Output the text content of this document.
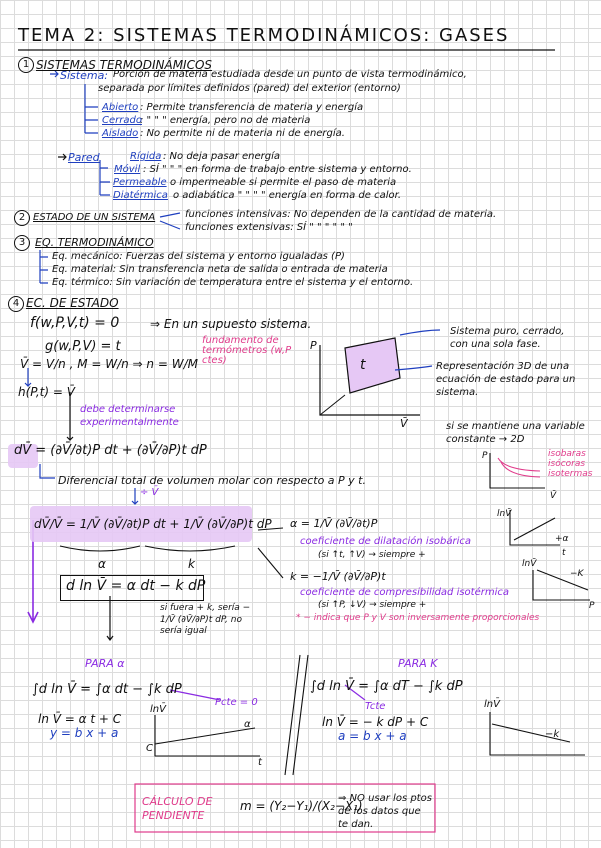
TEMA 2: SISTEMAS TERMODINÁMICOS: GASES
1 SISTEMAS TERMODINÁMICOS
Sistema: Porción de materia estudiada desde un punto de vista termodinámico,
separada por límites definidos (pared) del exterior (entorno)
Abierto : Permite transferencia de materia y energía
Cerrado
: " " " energía, pero no de materia
Aislado : No permite ni de materia ni de energía.
Pared	Rígida : No deja pasar energía
Móvil : SÍ " " " en forma de trabajo entre sistema y entorno.
Permeable o impermeable si permite el paso de materia
Diatérmica o adiabática " " " " energía en forma de calor.
2 ESTADO DE UN SISTEMA	funciones intensivas: No dependen de la cantidad de materia.
funciones extensivas: SÍ " " " " " "
3 EQ. TERMODINÁMICO
Eq. mecánico: Fuerzas del sistema y entorno igualadas (P)
Eq. material: Sin transferencia neta de salida o entrada de materia
Eq. térmico: Sin variación de temperatura entre el sistema y el entorno.
4 EC. DE ESTADO
f(w,P,V,t) = 0	⇒ En un supuesto sistema.
g(w,P,V) = t	fundamento de termómetros (w,P ctes)
V̄ = V/n , M = W/n ⇒ n = W/M
h(P,t) = V̄
debe determinarse experimentalmente
dV̄ = (∂V̄/∂t)P dt + (∂V̄/∂P)t dP
Diferencial total de volumen molar con respecto a P y t.
÷ V̄
dV̄/V̄ = 1/V̄ (∂V̄/∂t)P dt + 1/V̄ (∂V̄/∂P)t dP
α	k
d ln V̄ = α dt − k dP
si fuera + k, sería − 1/V̄ (∂V̄/∂P)t dP, no sería igual
Sistema puro, cerrado, con una sola fase.
Representación 3D de una ecuación de estado para un sistema.
si se mantiene una variable constante → 2D
isobaras
isócoras
isotermas
α = 1/V̄ (∂V̄/∂t)P
coeficiente de dilatación isobárica
(si ↑t, ↑V) → siempre +
k = −1/V̄ (∂V̄/∂P)t
coeficiente de compresibilidad isotérmica
(si ↑P, ↓V) → siempre +
* − indica que P y V son inversamente proporcionales
PARA α	PARA K
∫d ln V̄ = ∫α dt − ∫k dP
Pcte = 0
ln V̄ = α t + C
y = b x + a
∫d ln V̄ = ∫α dT − ∫k dP
Tcte
ln V̄ = − k dP + C
a = b x + a
CÁLCULO DE PENDIENTE
m = (Y₂−Y₁)/(X₂−X₁)
⇒ NO usar los ptos de los datos que te dan.
P
V̄
t
P
V̄
lnV̄
+α
t
lnV̄
−K
P
lnV̄
C
α
t
lnV̄
−k
